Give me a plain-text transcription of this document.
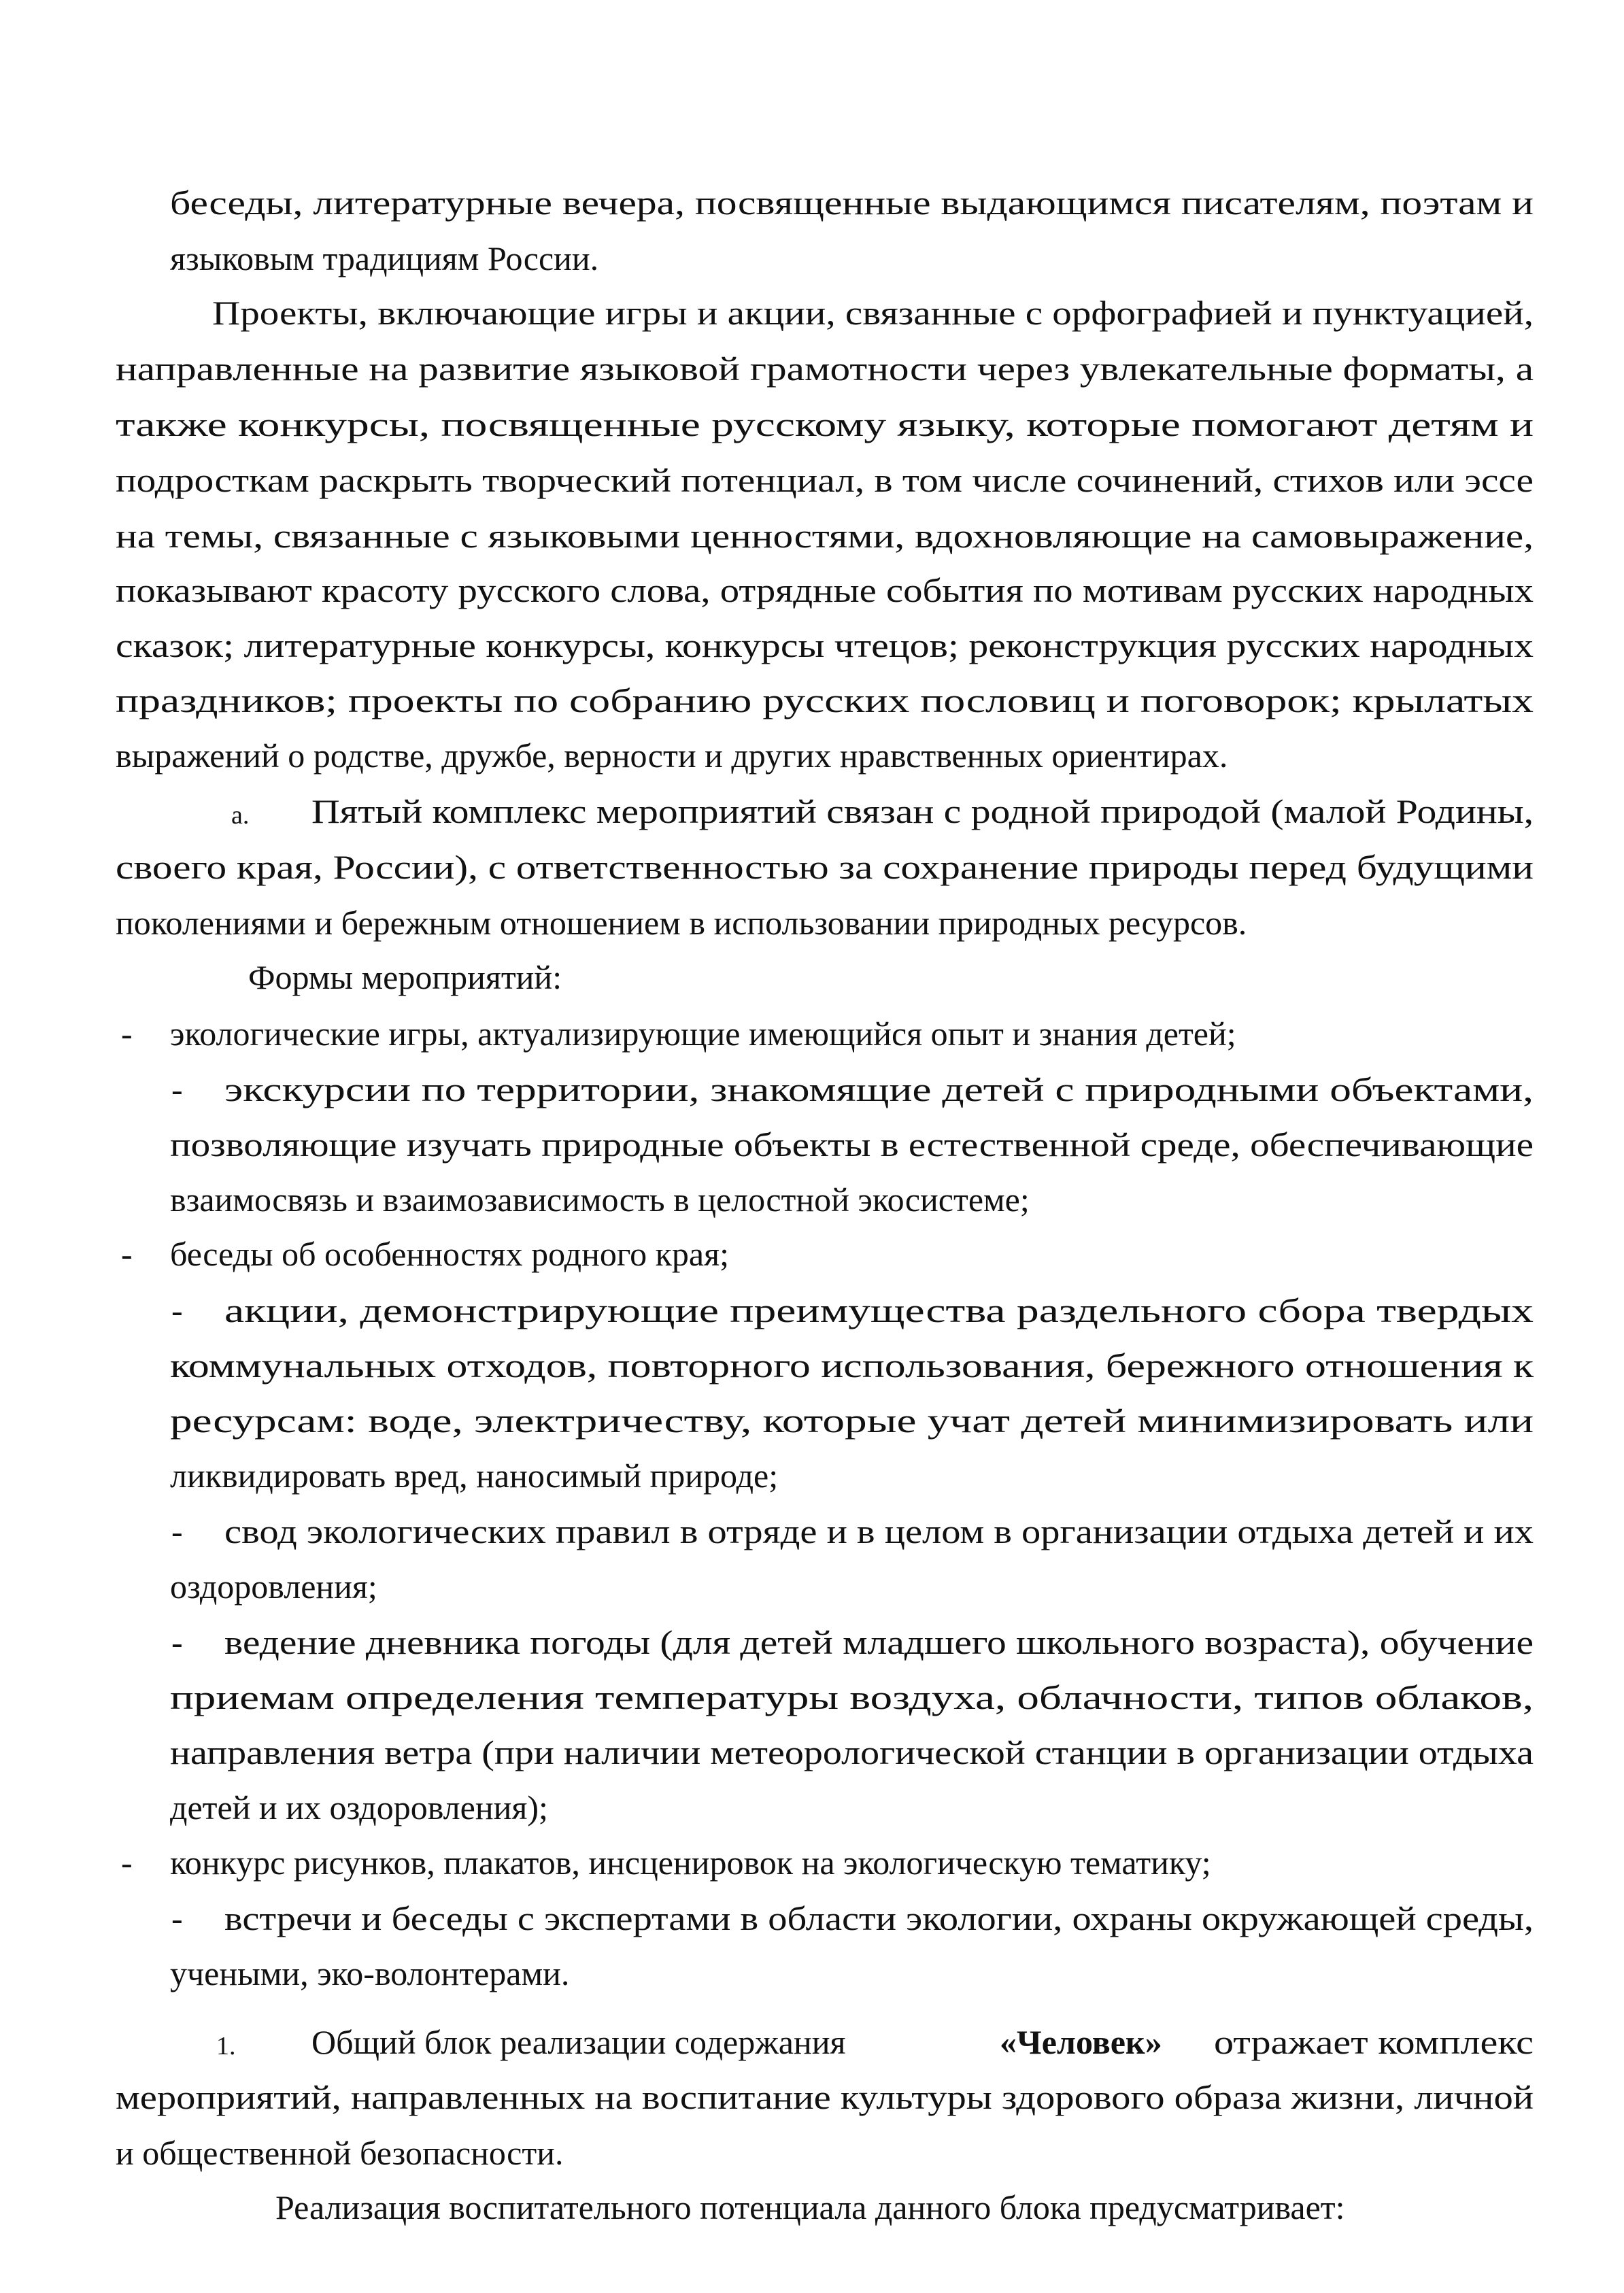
беседы, литературные вечера, посвященные выдающимся писателям, поэтам и
языковым традициям России.
Проекты, включающие игры и акции, связанные с орфографией и пунктуацией,
направленные на развитие языковой грамотности через увлекательные форматы, а
также конкурсы, посвященные русскому языку, которые помогают детям и
подросткам раскрыть творческий потенциал, в том числе сочинений, стихов или эссе
на темы, связанные с языковыми ценностями, вдохновляющие на самовыражение,
показывают красоту русского слова, отрядные события по мотивам русских народных
сказок; литературные конкурсы, конкурсы чтецов; реконструкция русских народных
праздников; проекты по собранию русских пословиц и поговорок; крылатых
выражений о родстве, дружбе, верности и других нравственных ориентирах.
a. Пятый комплекс мероприятий связан с родной природой (малой Родины,
своего края, России), с ответственностью за сохранение природы перед будущими
поколениями и бережным отношением в использовании природных ресурсов.
Формы мероприятий:
- экологические игры, актуализирующие имеющийся опыт и знания детей;
- экскурсии по территории, знакомящие детей с природными объектами,
позволяющие изучать природные объекты в естественной среде, обеспечивающие
взаимосвязь и взаимозависимость в целостной экосистеме;
- беседы об особенностях родного края;
- акции, демонстрирующие преимущества раздельного сбора твердых
коммунальных отходов, повторного использования, бережного отношения к
ресурсам: воде, электричеству, которые учат детей минимизировать или
ликвидировать вред, наносимый природе;
- свод экологических правил в отряде и в целом в организации отдыха детей и их
оздоровления;
- ведение дневника погоды (для детей младшего школьного возраста), обучение
приемам определения температуры воздуха, облачности, типов облаков,
направления ветра (при наличии метеорологической станции в организации отдыха
детей и их оздоровления);
- конкурс рисунков, плакатов, инсценировок на экологическую тематику;
- встречи и беседы с экспертами в области экологии, охраны окружающей среды,
учеными, эко-волонтерами.
1. Общий блок реализации содержания	«Человек» отражает комплекс
мероприятий, направленных на воспитание культуры здорового образа жизни, личной
и общественной безопасности.
Реализация воспитательного потенциала данного блока предусматривает:
